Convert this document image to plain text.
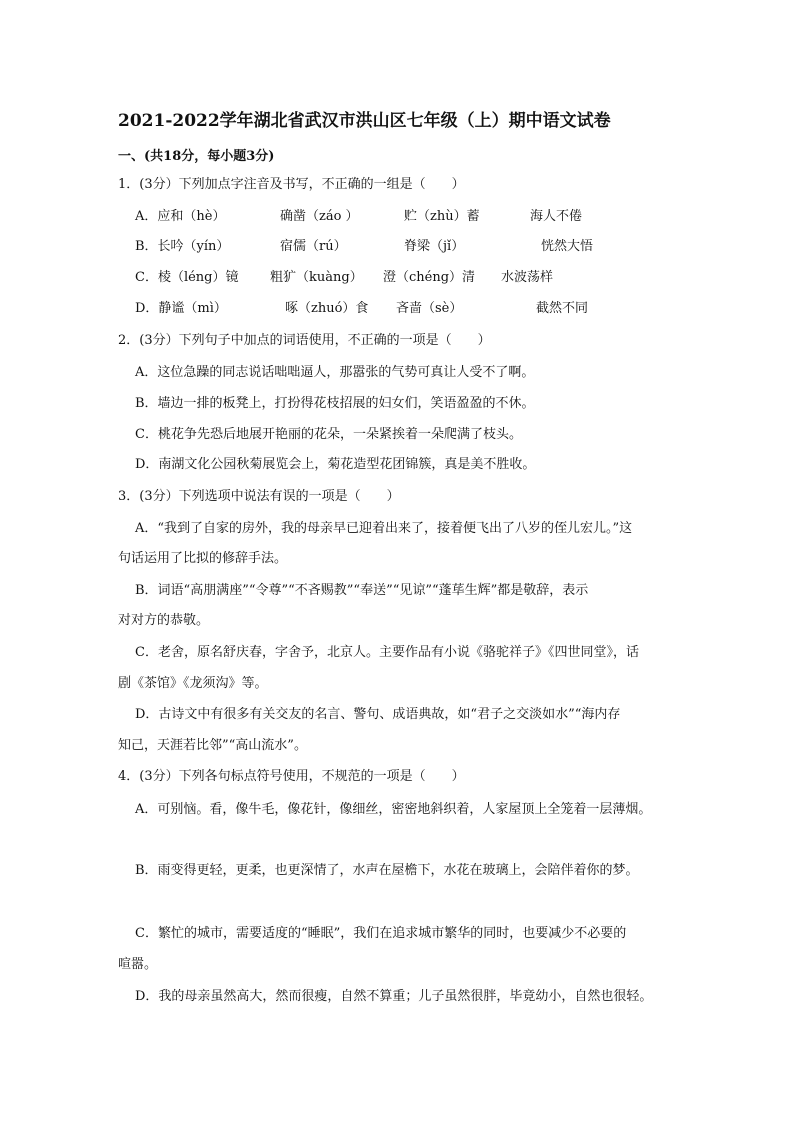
2021-2022学年湖北省武汉市洪山区七年级（上）期中语文试卷
一、(共18分，每小题3分)
1．(3分）下列加点字注音及书写，不正确的一组是（　　）
A．应和（hè）	确凿（záo ）	贮（zhù）蓄	海人不倦
B．长吟（yín）	宿儒（rú）	脊梁（jǐ）	恍然大悟
C．棱（léng）镜 粗犷（kuàng） 澄（chéng）清 水波荡样
D．静谧（mì）	啄（zhuó）食 吝啬（sè）	截然不同
2．(3分）下列句子中加点的词语使用，不正确的一项是（　　）
A．这位急躁的同志说话咄咄逼人，那嚣张的气势可真让人受不了啊。
B．墙边一排的板凳上，打扮得花枝招展的妇女们，笑语盈盈的不休。
C．桃花争先恐后地展开艳丽的花朵，一朵紧挨着一朵爬满了枝头。
D．南湖文化公园秋菊展览会上，菊花造型花团锦簇，真是美不胜收。
3．(3分）下列选项中说法有误的一项是（　　）
A．“我到了自家的房外，我的母亲早已迎着出来了，接着便飞出了八岁的侄儿宏儿。”这
句话运用了比拟的修辞手法。
B．词语“高朋满座”“令尊”“不吝赐教”“奉送”“见谅”“蓬荜生辉”都是敬辞，表示
对对方的恭敬。
C．老舍，原名舒庆春，字舍予，北京人。主要作品有小说《骆驼祥子》《四世同堂》，话
剧《茶馆》《龙须沟》等。
D．古诗文中有很多有关交友的名言、警句、成语典故，如“君子之交淡如水”“海内存
知己，天涯若比邻”“高山流水”。
4．(3分）下列各句标点符号使用，不规范的一项是（　　）
A．可别恼。看，像牛毛，像花针，像细丝，密密地斜织着，人家屋顶上全笼着一层薄烟。
B．雨变得更轻，更柔，也更深情了，水声在屋檐下，水花在玻璃上，会陪伴着你的梦。
C．繁忙的城市，需要适度的“睡眠”，我们在追求城市繁华的同时，也要减少不必要的
喧嚣。
D．我的母亲虽然高大，然而很瘦，自然不算重；儿子虽然很胖，毕竟幼小，自然也很轻。
